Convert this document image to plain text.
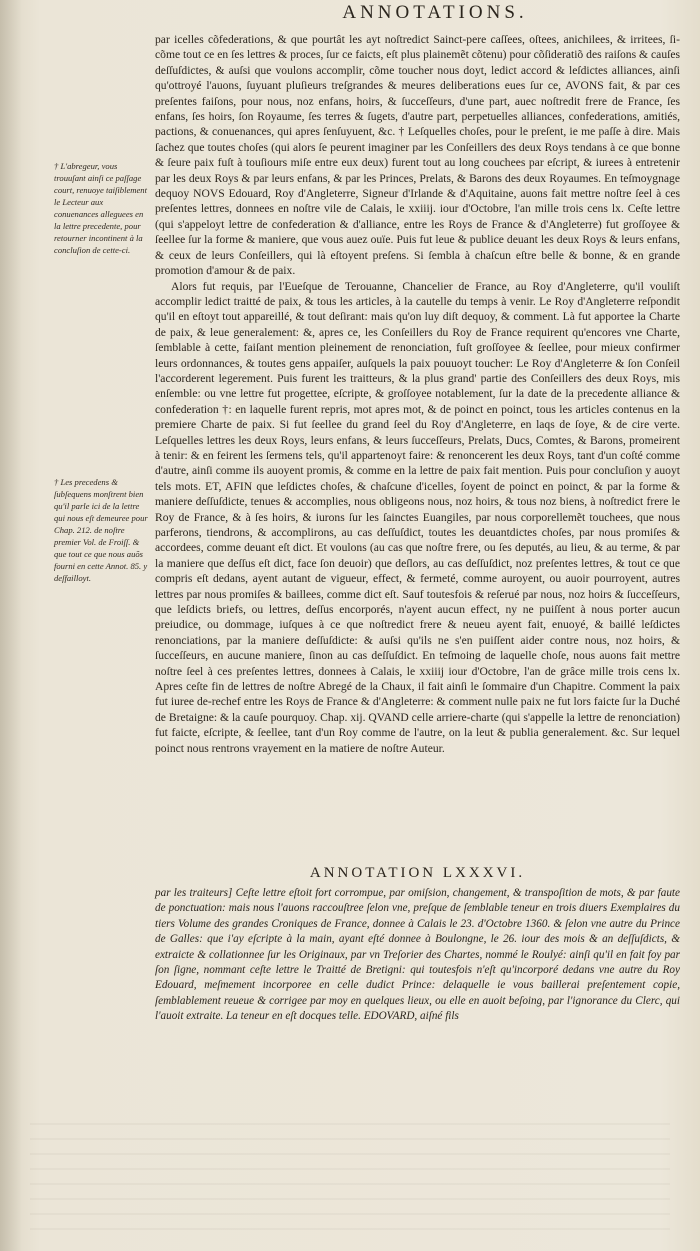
ANNOTATIONS.
† L'abregeur, vous trouuſant ainſi ce paſſage court, renuoye taiſiblement le Lecteur aux conuenances alleguees en la lettre precedente, pour retourner incontinent à la concluſion de cette-ci.
† Les precedens & ſubſequens monſtrent bien qu'il parle ici de la lettre qui nous eſt demeuree pour Chap. 212. de noſtre premier Vol. de Froiſſ. & que tout ce que nous auõs fourni en cette Annot. 85. y deſfailloyt.

par icelles cõfederations, & que pourtât les ayt noſtredict Sainct-pere caſſees, oſtees, anichilees, & irritees, ſi-cõme tout ce en ſes lettres & proces, ſur ce faicts, eſt plus plainemẽt cõtenu) pour cõſideratiõ des raiſons & cauſes deſſuſdictes, & auſsi que voulons accomplir, cõme toucher nous doyt, ledict accord & leſdictes alliances, ainſi qu'ottroyé l'auons, ſuyuant pluſieurs treſgrandes & meures deliberations eues ſur ce, AVONS fait, & par ces preſentes faiſons, pour nous, noz enfans, hoirs, & ſucceſſeurs, d'une part, auec noſtredit frere de France, ſes enfans, ſes hoirs, ſon Royaume, ſes terres & ſugets, d'autre part, perpetuelles alliances, confederations, amitiés, pactions, & conuenances, qui apres ſenſuyuent, &c. † Leſquelles choſes, pour le preſent, ie me paſſe à dire. Mais ſachez que toutes choſes (qui alors ſe peurent imaginer par les Conſeillers des deux Roys tendans à ce que bonne & ſeure paix fuſt à touſiours miſe entre eux deux) furent tout au long couchees par eſcript, & iurees à entretenir par les deux Roys & par leurs enfans, & par les Princes, Prelats, & Barons des deux Royaumes. En teſmoygnage dequoy NOVS Edouard, Roy d'Angleterre, Signeur d'Irlande & d'Aquitaine, auons fait mettre noſtre ſeel à ces preſentes lettres, donnees en noſtre vile de Calais, le xxiiij. iour d'Octobre, l'an mille trois cens lx. Ceſte lettre (qui s'appeloyt lettre de confederation & d'alliance, entre les Roys de France & d'Angleterre) fut groſſoyee & ſeellee ſur la forme & maniere, que vous auez ouïe. Puis fut leue & publice deuant les deux Roys & leurs enfans, & ceux de leurs Conſeillers, qui là eſtoyent preſens. Si ſembla à chaſcun eſtre belle & bonne, & en grande promotion d'amour & de paix.

Alors fut requis, par l'Eueſque de Terouanne, Chancelier de France, au Roy d'Angleterre, qu'il vouliſt accomplir ledict traitté de paix, & tous les articles, à la cautelle du temps à venir. Le Roy d'Angleterre reſpondit qu'il en eſtoyt tout appareillé, & tout deſirant: mais qu'on luy diſt dequoy, & comment. Là fut apportee la Charte de paix, & leue generalement: &, apres ce, les Conſeillers du Roy de France requirent qu'encores vne Charte, ſemblable à cette, faiſant mention pleinement de renonciation, fuſt groſſoyee & ſeellee, pour mieux confirmer leurs ordonnances, & toutes gens appaiſer, auſquels la paix pouuoyt toucher: Le Roy d'Angleterre & ſon Conſeil l'accorderent legerement. Puis furent les traitteurs, & la plus grand' partie des Conſeillers des deux Roys, mis enſemble: ou vne lettre fut progettee, eſcripte, & groſſoyee notablement, ſur la date de la precedente alliance & confederation †: en laquelle furent repris, mot apres mot, & de poinct en poinct, tous les articles contenus en la premiere Charte de paix. Si fut ſeellee du grand ſeel du Roy d'Angleterre, en laqs de ſoye, & de cire verte. Leſquelles lettres les deux Roys, leurs enfans, & leurs ſucceſſeurs, Prelats, Ducs, Comtes, & Barons, promeirent à tenir: & en feirent les ſermens tels, qu'il appartenoyt faire: & renoncerent les deux Roys, tant d'un coſté comme d'autre, ainſi comme ils auoyent promis, & comme en la lettre de paix fait mention. Puis pour concluſion y auoyt tels mots. ET, AFIN que leſdictes choſes, & chaſcune d'icelles, ſoyent de poinct en poinct, & par la forme & maniere deſſuſdicte, tenues & accomplies, nous obligeons nous, noz hoirs, & tous noz biens, à noſtredict frere le Roy de France, & à ſes hoirs, & iurons ſur les ſainctes Euangiles, par nous corporellemẽt touchees, que nous parferons, tiendrons, & accomplirons, au cas deſſuſdict, toutes les deuantdictes choſes, par nous promiſes & accordees, comme deuant eſt dict. Et voulons (au cas que noſtre frere, ou ſes deputés, au lieu, & au terme, & par la maniere que deſſus eſt dict, face ſon deuoir) que deſlors, au cas deſſuſdict, noz preſentes lettres, & tout ce que compris eſt dedans, ayent autant de vigueur, effect, & fermeté, comme auroyent, ou auoir pourroyent, autres lettres par nous promiſes & baillees, comme dict eſt. Sauf toutesfois & reſerué par nous, noz hoirs & ſucceſſeurs, que leſdicts briefs, ou lettres, deſſus encorporés, n'ayent aucun effect, ny ne puiſſent à nous porter aucun preiudice, ou dommage, iuſques à ce que noſtredict frere & neueu ayent fait, enuoyé, & baillé leſdictes renonciations, par la maniere deſſuſdicte: & auſsi qu'ils ne s'en puiſſent aider contre nous, noz hoirs, & ſucceſſeurs, en aucune maniere, ſinon au cas deſſuſdict. En teſmoing de laquelle choſe, nous auons fait mettre noſtre ſeel à ces preſentes lettres, donnees à Calais, le xxiiij iour d'Octobre, l'an de grâce mille trois cens lx. Apres ceſte fin de lettres de noſtre Abregé de la Chaux, il fait ainſi le ſommaire d'un Chapitre. Comment la paix fut iuree de-rechef entre les Roys de France & d'Angleterre: & comment nulle paix ne fut lors faicte ſur la Duché de Bretaigne: & la cauſe pourquoy. Chap. xij. QVAND celle arriere-charte (qui s'appelle la lettre de renonciation) fut faicte, eſcripte, & ſeellee, tant d'un Roy comme de l'autre, on la leut & publia generalement. &c. Sur lequel poinct nous rentrons vrayement en la matiere de noſtre Auteur.

ANNOTATION LXXXVI.

par les traiteurs] Ceſte lettre eſtoit fort corrompue, par omiſsion, changement, & transpoſition de mots, & par faute de ponctuation: mais nous l'auons raccouſtree ſelon vne, preſque de ſemblable teneur en trois diuers Exemplaires du tiers Volume des grandes Croniques de France, donnee à Calais le 23. d'Octobre 1360. & ſelon vne autre du Prince de Galles: que i'ay eſcripte à la main, ayant eſté donnee à Boulongne, le 26. iour des mois & an deſſuſdicts, & extraicte & collationnee ſur les Originaux, par vn Treſorier des Chartes, nommé le Roulyé: ainſi qu'il en fait foy par ſon ſigne, nommant ceſte lettre le Traitté de Bretigni: qui toutesfois n'eſt qu'incorporé dedans vne autre du Roy Edouard, meſmement incorporee en celle dudict Prince: delaquelle ie vous baillerai preſentement copie, ſemblablement reueue & corrigee par moy en quelques lieux, ou elle en auoit beſoing, par l'ignorance du Clerc, qui l'auoit extraite. La teneur en eſt docques telle. EDOVARD, aiſné fils
